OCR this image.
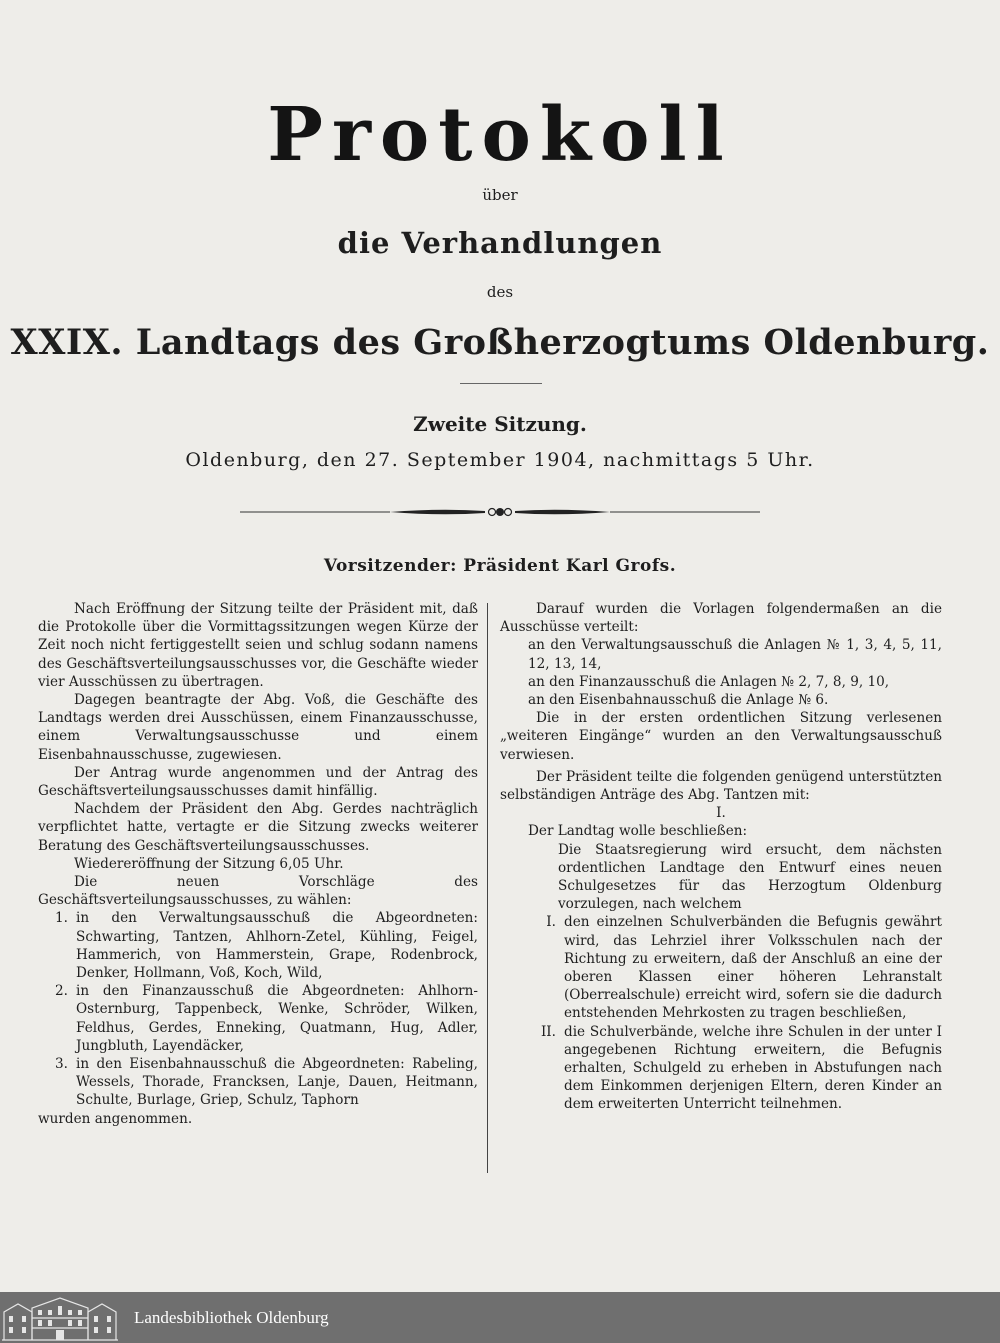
Protokoll
über
die Verhandlungen
des
XXIX. Landtags des Großherzogtums Oldenburg.
Zweite Sitzung.
Oldenburg, den 27. September 1904, nachmittags 5 Uhr.
Vorsitzender: Präsident Karl Grofs.

Nach Eröffnung der Sitzung teilte der Präsident mit, daß die Protokolle über die Vormittagssitzungen wegen Kürze der Zeit noch nicht fertiggestellt seien und schlug sodann namens des Geschäftsverteilungsausschusses vor, die Geschäfte wieder vier Ausschüssen zu übertragen.

Dagegen beantragte der Abg. Voß, die Geschäfte des Landtags werden drei Ausschüssen, einem Finanzausschusse, einem Verwaltungsausschusse und einem Eisenbahnausschusse, zugewiesen.

Der Antrag wurde angenommen und der Antrag des Geschäftsverteilungsausschusses damit hinfällig.

Nachdem der Präsident den Abg. Gerdes nachträglich verpflichtet hatte, vertagte er die Sitzung zwecks weiterer Beratung des Geschäftsverteilungsausschusses.

Wiedereröffnung der Sitzung 6,05 Uhr.

Die neuen Vorschläge des Geschäftsverteilungsausschusses, zu wählen:

1. in den Verwaltungsausschuß die Abgeordneten: Schwarting, Tantzen, Ahlhorn-Zetel, Kühling, Feigel, Hammerich, von Hammerstein, Grape, Rodenbrock, Denker, Hollmann, Voß, Koch, Wild,
2. in den Finanzausschuß die Abgeordneten: Ahlhorn-Osternburg, Tappenbeck, Wenke, Schröder, Wilken, Feldhus, Gerdes, Enneking, Quatmann, Hug, Adler, Jungbluth, Layendäcker,
3. in den Eisenbahnausschuß die Abgeordneten: Rabeling, Wessels, Thorade, Francksen, Lanje, Dauen, Heitmann, Schulte, Burlage, Griep, Schulz, Taphorn

wurden angenommen.

Darauf wurden die Vorlagen folgendermaßen an die Ausschüsse verteilt:

an den Verwaltungsausschuß die Anlagen № 1, 3, 4, 5, 11, 12, 13, 14,

an den Finanzausschuß die Anlagen № 2, 7, 8, 9, 10,

an den Eisenbahnausschuß die Anlage № 6.

Die in der ersten ordentlichen Sitzung verlesenen „weiteren Eingänge“ wurden an den Verwaltungsausschuß verwiesen.

Der Präsident teilte die folgenden genügend unterstützten selbständigen Anträge des Abg. Tantzen mit:

I.

Der Landtag wolle beschließen:

Die Staatsregierung wird ersucht, dem nächsten ordentlichen Landtage den Entwurf eines neuen Schulgesetzes für das Herzogtum Oldenburg vorzulegen, nach welchem

I. den einzelnen Schulverbänden die Befugnis gewährt wird, das Lehrziel ihrer Volksschulen nach der Richtung zu erweitern, daß der Anschluß an eine der oberen Klassen einer höheren Lehranstalt (Oberrealschule) erreicht wird, sofern sie die dadurch entstehenden Mehrkosten zu tragen beschließen,
II. die Schulverbände, welche ihre Schulen in der unter I angegebenen Richtung erweitern, die Befugnis erhalten, Schulgeld zu erheben in Abstufungen nach dem Einkommen derjenigen Eltern, deren Kinder an dem erweiterten Unterricht teilnehmen.
Landesbibliothek Oldenburg
